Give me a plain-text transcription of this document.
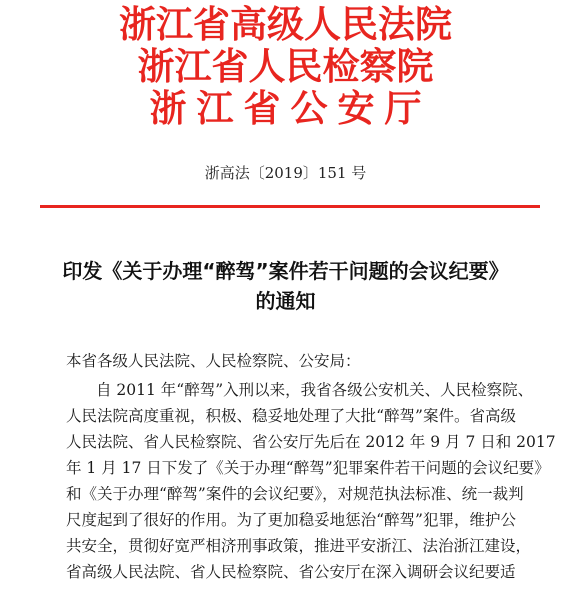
浙江省高级人民法院
浙江省人民检察院
浙江省公安厅
浙高法〔2019〕151 号
印发《关于办理“醉驾”案件若干问题的会议纪要》
的通知
本省各级人民法院、人民检察院、公安局：
自 2011 年“醉驾”入刑以来，我省各级公安机关、人民检察院、
人民法院高度重视，积极、稳妥地处理了大批“醉驾”案件。省高级
人民法院、省人民检察院、省公安厅先后在 2012 年 9 月 7 日和 2017
年 1 月 17 日下发了《关于办理“醉驾”犯罪案件若干问题的会议纪要》
和《关于办理“醉驾”案件的会议纪要》，对规范执法标准、统一裁判
尺度起到了很好的作用。为了更加稳妥地惩治“醉驾”犯罪，维护公
共安全，贯彻好宽严相济刑事政策，推进平安浙江、法治浙江建设，
省高级人民法院、省人民检察院、省公安厅在深入调研会议纪要适
